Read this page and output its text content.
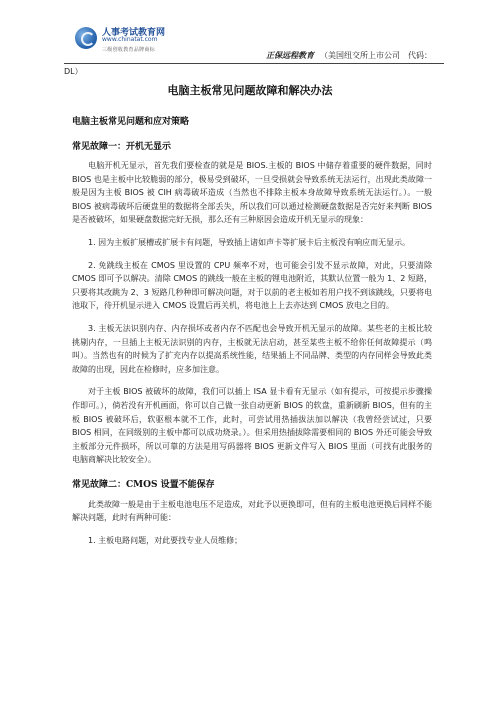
人事考试教育网
www.chinatat.com
三级创收教育品牌商标
正保远程教育 （美国纽交所上市公司　代码：
DL）
电脑主板常见问题故障和解决办法
电脑主板常见问题和应对策略
常见故障一：开机无显示
电脑开机无显示，首先我们要检查的就是是 BIOS.主板的 BIOS 中储存着重要的硬件数据，同时 BIOS 也是主板中比较脆弱的部分，极易受到破坏，一旦受损就会导致系统无法运行，出现此类故障一般是因为主板 BIOS 被 CIH 病毒破坏造成（当然也不排除主板本身故障导致系统无法运行。）。一般 BIOS 被病毒破坏后硬盘里的数据将全部丢失，所以我们可以通过检测硬盘数据是否完好来判断 BIOS 是否被破坏，如果硬盘数据完好无损，那么还有三种原因会造成开机无显示的现象：
1. 因为主板扩展槽或扩展卡有问题，导致插上诸如声卡等扩展卡后主板没有响应而无显示。
2. 免跳线主板在 CMOS 里设置的 CPU 频率不对，也可能会引发不显示故障，对此，只要清除 CMOS 即可予以解决。清除 CMOS 的跳线一般在主板的锂电池附近，其默认位置一般为 1、2 短路，只要将其改跳为 2、3 短路几秒种即可解决问题，对于以前的老主板如若用户找不到该跳线，只要将电池取下，待开机显示进入 CMOS 设置后再关机，将电池上上去亦达到 CMOS 放电之目的。
3. 主板无法识别内存、内存损坏或者内存不匹配也会导致开机无显示的故障。某些老的主板比较挑剔内存，一旦插上主板无法识别的内存，主板就无法启动，甚至某些主板不给你任何故障提示（鸣叫）。当然也有的时候为了扩充内存以提高系统性能，结果插上不同品牌、类型的内存同样会导致此类故障的出现，因此在检修时，应多加注意。
对于主板 BIOS 被破坏的故障，我们可以插上 ISA 显卡看有无显示（如有提示，可按提示步骤操作即可。），倘若没有开机画面，你可以自己做一张自动更新 BIOS 的软盘，重新刷新 BIOS，但有的主板 BIOS 被破坏后，软驱根本就不工作，此时，可尝试用热插拔法加以解决（我曾经尝试过，只要 BIOS 相同，在同级别的主板中都可以成功烧录。）。但采用热插拔除需要相同的 BIOS 外还可能会导致主板部分元件损坏，所以可靠的方法是用写码器将 BIOS 更新文件写入 BIOS 里面（可找有此服务的电脑商解决比较安全）。
常见故障二：CMOS 设置不能保存
此类故障一般是由于主板电池电压不足造成，对此予以更换即可，但有的主板电池更换后同样不能解决问题，此时有两种可能：
1. 主板电路问题，对此要找专业人员维修；
